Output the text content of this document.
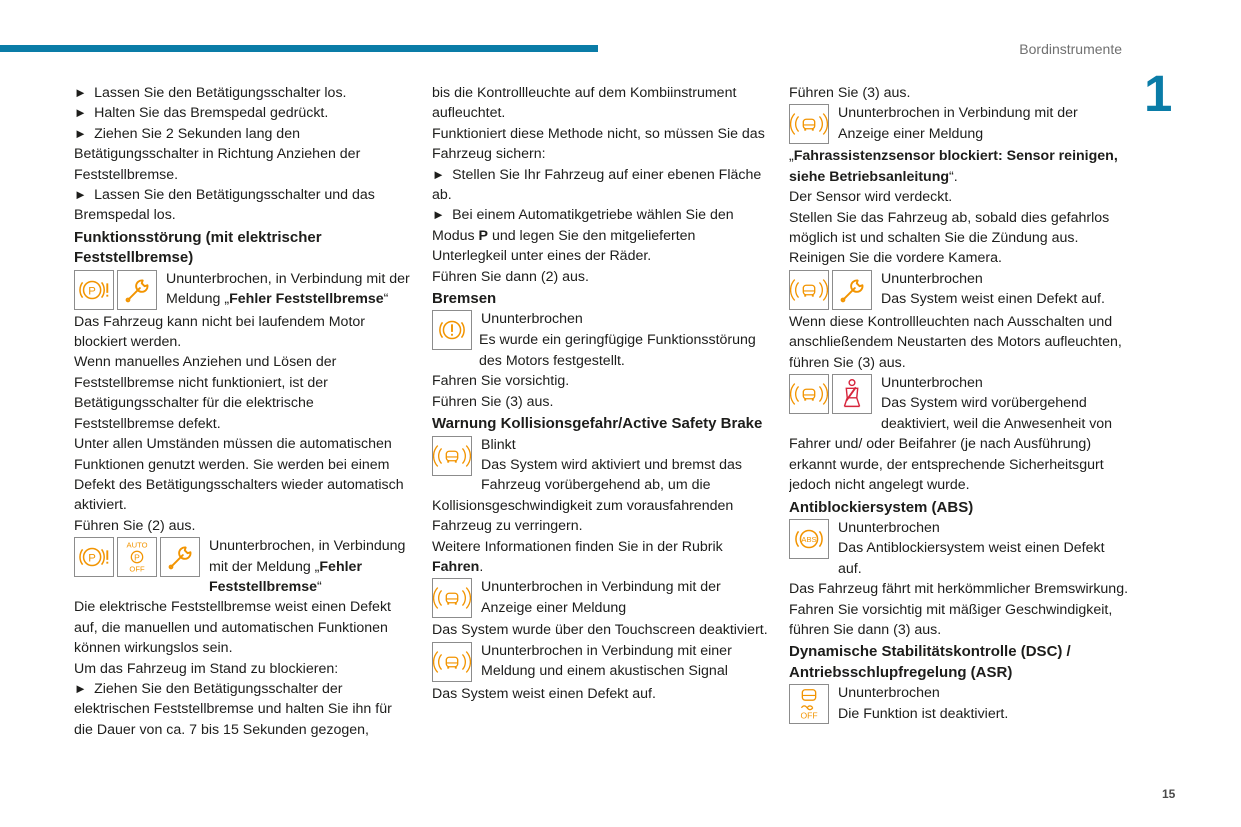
Bordinstrumente
1

►  Lassen Sie den Betätigungsschalter los.

►  Halten Sie das Bremspedal gedrückt.

►  Ziehen Sie 2 Sekunden lang den Betätigungsschalter in Richtung Anziehen der Feststellbremse.

►  Lassen Sie den Betätigungsschalter und das Bremspedal los.

Funktionsstörung (mit elektrischer Feststellbremse)
P
Ununterbrochen, in Verbindung mit der Meldung „Fehler Feststellbremse“

Das Fahrzeug kann nicht bei laufendem Motor blockiert werden.

Wenn manuelles Anziehen und Lösen der Feststellbremse nicht funktioniert, ist der Betätigungsschalter für die elektrische Feststellbremse defekt.

Unter allen Umständen müssen die automatischen Funktionen genutzt werden. Sie werden bei einem Defekt des Betätigungsschalters wieder automatisch aktiviert.

Führen Sie (2) aus.

P
AUTO
P
OFF
Ununterbrochen, in Verbindung mit der Meldung „Fehler Feststellbremse“

Die elektrische Feststellbremse weist einen Defekt auf, die manuellen und automatischen Funktionen können wirkungslos sein.

Um das Fahrzeug im Stand zu blockieren:

►  Ziehen Sie den Betätigungsschalter der elektrischen Feststellbremse und halten Sie ihn für die Dauer von ca. 7 bis 15 Sekunden gezogen,

bis die Kontrollleuchte auf dem Kombiinstrument aufleuchtet.

Funktioniert diese Methode nicht, so müssen Sie das Fahrzeug sichern:

►  Stellen Sie Ihr Fahrzeug auf einer ebenen Fläche ab.

►  Bei einem Automatikgetriebe wählen Sie den Modus P und legen Sie den mitgelieferten Unterlegkeil unter eines der Räder.

Führen Sie dann (2) aus.

Bremsen
Ununterbrochen

Es wurde ein geringfügige Funktionsstörung des Motors festgestellt.

Fahren Sie vorsichtig.

Führen Sie (3) aus.

Warnung Kollisionsgefahr/Active Safety Brake
Blinkt
Das System wird aktiviert und bremst das Fahrzeug vorübergehend ab, um die Kollisionsgeschwindigkeit zum vorausfahrenden Fahrzeug zu verringern.

Weitere Informationen finden Sie in der Rubrik Fahren.

Ununterbrochen in Verbindung mit der Anzeige einer Meldung

Das System wurde über den Touchscreen deaktiviert.

Ununterbrochen in Verbindung mit einer Meldung und einem akustischen Signal

Das System weist einen Defekt auf.

Führen Sie (3) aus.

Ununterbrochen in Verbindung mit der Anzeige einer Meldung

„Fahrassistenzsensor blockiert: Sensor reinigen, siehe Betriebsanleitung“.

Der Sensor wird verdeckt.

Stellen Sie das Fahrzeug ab, sobald dies gefahrlos möglich ist und schalten Sie die Zündung aus.

Reinigen Sie die vordere Kamera.

Ununterbrochen
Das System weist einen Defekt auf.

Wenn diese Kontrollleuchten nach Ausschalten und anschließendem Neustarten des Motors aufleuchten, führen Sie (3) aus.

Ununterbrochen
Das System wird vorübergehend deaktiviert, weil die Anwesenheit von Fahrer und/ oder Beifahrer (je nach Ausführung) erkannt wurde, der entsprechende Sicherheitsgurt jedoch nicht angelegt wurde.
Antiblockiersystem (ABS)
ABS
Ununterbrochen
Das Antiblockiersystem weist einen Defekt auf.

Das Fahrzeug fährt mit herkömmlicher Bremswirkung.

Fahren Sie vorsichtig mit mäßiger Geschwindigkeit, führen Sie dann (3) aus.

Dynamische Stabilitätskontrolle (DSC) / Antriebsschlupfregelung (ASR)
OFF
Ununterbrochen
Die Funktion ist deaktiviert.
15
